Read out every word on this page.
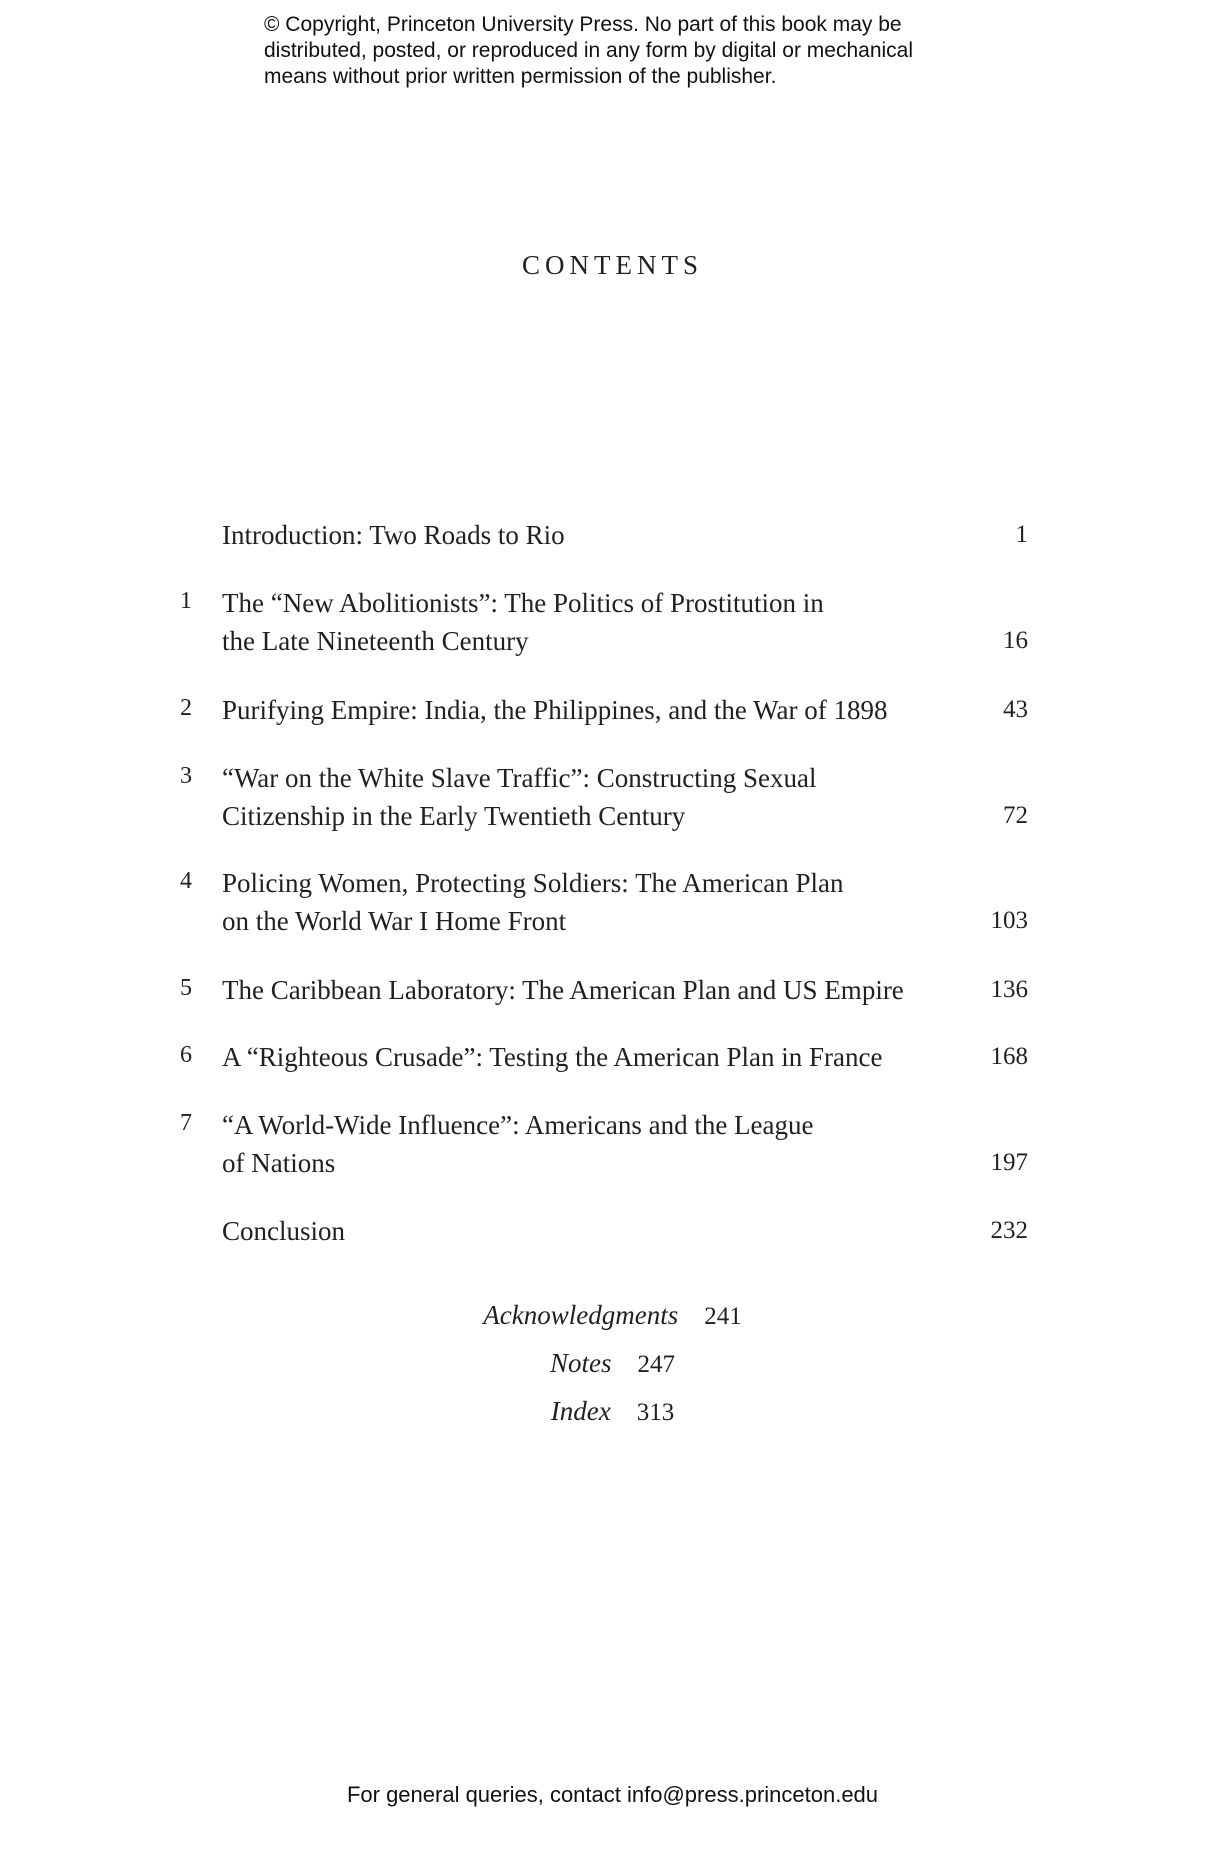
© Copyright, Princeton University Press. No part of this book may be
distributed, posted, or reproduced in any form by digital or mechanical
means without prior written permission of the publisher.
CONTENTS
Introduction: Two Roads to Rio	1
1	The “New Abolitionists”: The Politics of Prostitution in
the Late Nineteenth Century	16
2	Purifying Empire: India, the Philippines, and the War of 1898	43
3	“War on the White Slave Traffic”: Constructing Sexual
Citizenship in the Early Twentieth Century	72
4	Policing Women, Protecting Soldiers: The American Plan
on the World War I Home Front	103
5	The Caribbean Laboratory: The American Plan and US Empire	136
6	A “Righteous Crusade”: Testing the American Plan in France	168
7	“A World-Wide Influence”: Americans and the League
of Nations	197
Conclusion	232
Acknowledgments 241
Notes 247
Index 313
For general queries, contact info@press.princeton.edu
